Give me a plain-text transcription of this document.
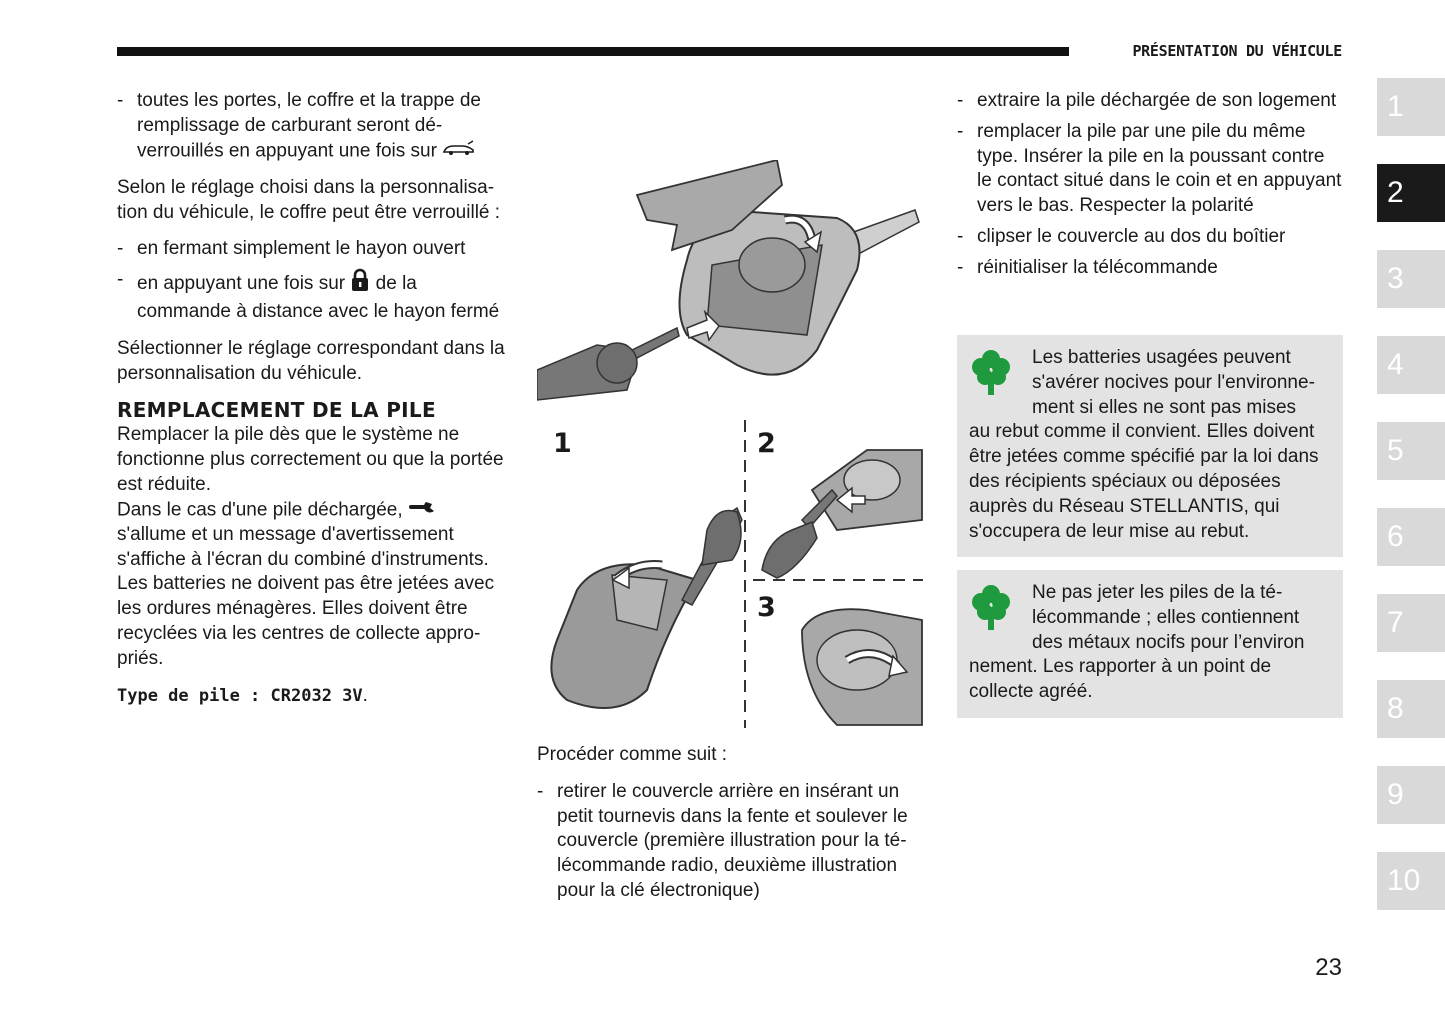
PRÉSENTATION DU VÉHICULE

- toutes les portes, le coffre et la trappe de remplissage de carburant seront déverrouillés en appuyant une fois sur

Selon le réglage choisi dans la personnalisation du véhicule, le coffre peut être verrouillé :

- en fermant simplement le hayon ouvert

- en appuyant une fois sur de la commande à distance avec le hayon fermé

Sélectionner le réglage correspondant dans la personnalisation du véhicule.

REMPLACEMENT DE LA PILE

Remplacer la pile dès que le système ne fonctionne plus correctement ou que la portée est réduite.

Dans le cas d'une pile déchargée,  s'allume et un message d'avertissement s'affiche à l'écran du combiné d'instruments.

Les batteries ne doivent pas être jetées avec les ordures ménagères. Elles doivent être recyclées via les centres de collecte appropriés.

Type de pile : CR2032 3V.

1	2
3

Procéder comme suit :

- retirer le couvercle arrière en insérant un petit tournevis dans la fente et soulever le couvercle (première illustration pour la télécommande radio, deuxième illustration pour la clé électronique)

- extraire la pile déchargée de son logement

- remplacer la pile par une pile du même type. Insérer la pile en la poussant contre le contact situé dans le coin et en appuyant vers le bas. Respecter la polarité

- clipser le couvercle au dos du boîtier

- réinitialiser la télécommande

Les batteries usagées peuvent s'avérer nocives pour l'environnement si elles ne sont pas mises
au rebut comme il convient. Elles doivent être jetées comme spécifié par la loi dans des récipients spéciaux ou déposées auprès du Réseau STELLANTIS, qui s'occupera de leur mise au rebut.
Ne pas jeter les piles de la télécommande ; elles contiennent des métaux nocifs pour l’environ
nement. Les rapporter à un point de collecte agréé.
1
2
3
4
5
6
7
8
9
10
23
